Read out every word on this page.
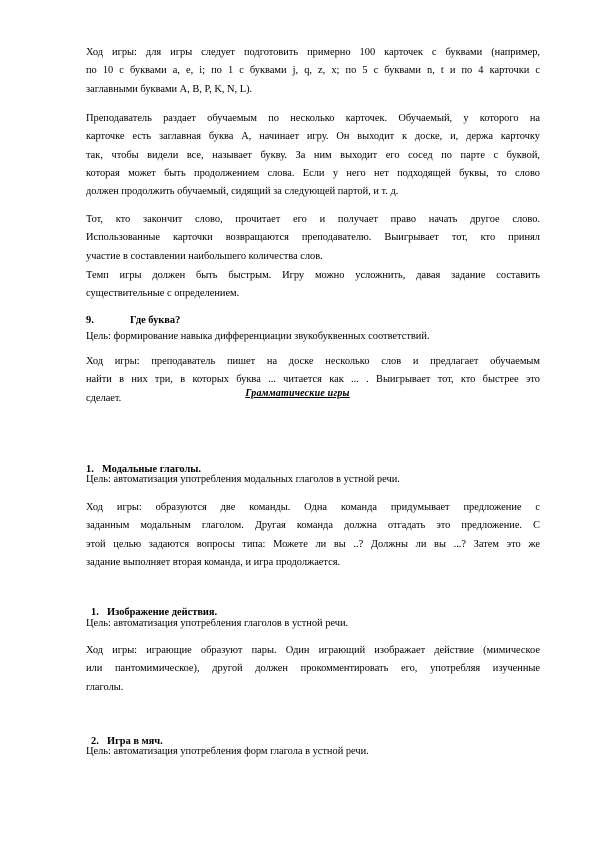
Ход игры: для игры следует подготовить примерно 100 карточек с буквами (например,
по 10 с буквами a, e, i; по 1 с буквами j, q, z, x; по 5 с буквами n, t и по 4 карточки с
заглавными буквами A, B, P, K, N, L).
Преподаватель раздает обучаемым по несколько карточек. Обучаемый, у которого на
карточке есть заглавная буква А, начинает игру. Он выходит к доске, и, держа карточку
так, чтобы видели все, называет букву. За ним выходит его сосед по парте с буквой,
которая может быть продолжением слова. Если у него нет подходящей буквы, то слово
должен продолжить обучаемый, сидящий за следующей партой, и т. д.
Тот, кто закончит слово, прочитает его и получает право начать другое слово.
Использованные карточки возвращаются преподавателю. Выигрывает тот, кто принял
участие в составлении наибольшего количества слов.
Темп игры должен быть быстрым. Игру можно усложнить, давая задание составить
существительные с определением.
9.	Где буква?
Цель: формирование навыка дифференциации звукобуквенных соответствий.
Ход игры: преподаватель пишет на доске несколько слов и предлагает обучаемым
найти в них три, в которых буква ... читается как ... . Выигрывает тот, кто быстрее это
сделает.	Грамматические игры
1. Модальные глаголы.
Цель: автоматизация употребления модальных глаголов в устной речи.
Ход игры: образуются две команды. Одна команда придумывает предложение с
заданным модальным глаголом. Другая команда должна отгадать это предложение. С
этой целью задаются вопросы типа: Можете ли вы ..? Должны ли вы ...? Затем это же
задание выполняет вторая команда, и игра продолжается.
1. Изображение действия.
Цель: автоматизация употребления глаголов в устной речи.
Ход игры: играющие образуют пары. Один играющий изображает действие (мимическое
или пантомимическое), другой должен прокомментировать его, употребляя изученные
глаголы.
2. Игра в мяч.
Цель: автоматизация употребления форм глагола в устной речи.
